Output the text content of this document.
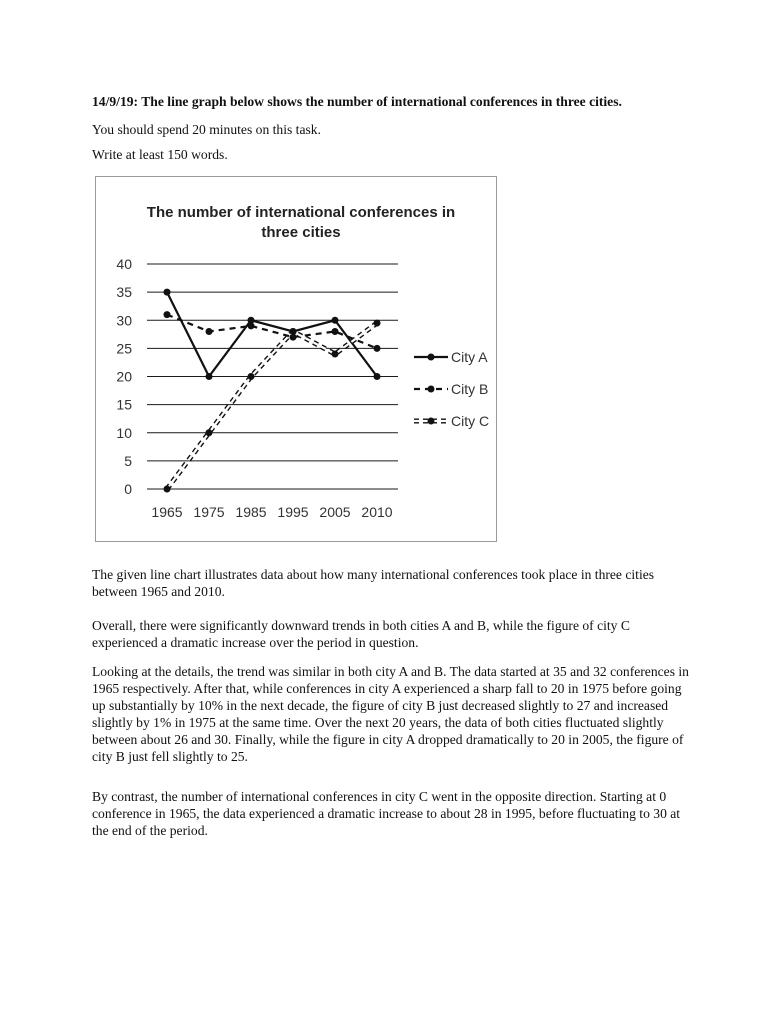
14/9/19: The line graph below shows the number of international conferences in three cities.
You should spend 20 minutes on this task.
Write at least 150 words.
The number of international conferences in
three cities
0
5
10
15
20
25
30
35
40
1965 1975 1985 1995 2005 2010
City A
City B
City C

The given line chart illustrates data about how many international conferences took place in three cities between 1965 and 2010.

Overall, there were significantly downward trends in both cities A and B, while the figure of city C experienced a dramatic increase over the period in question.

Looking at the details, the trend was similar in both city A and B. The data started at 35 and 32 conferences in 1965 respectively. After that, while conferences in city A experienced a sharp fall to 20 in 1975 before going up substantially by 10% in the next decade, the figure of city B just decreased slightly to 27 and increased slightly by 1% in 1975 at the same time. Over the next 20 years, the data of both cities fluctuated slightly between about 26 and 30. Finally, while the figure in city A dropped dramatically to 20 in 2005, the figure of city B just fell slightly to 25.

By contrast, the number of international conferences in city C went in the opposite direction. Starting at 0 conference in 1965, the data experienced a dramatic increase to about 28 in 1995, before fluctuating to 30 at the end of the period.
